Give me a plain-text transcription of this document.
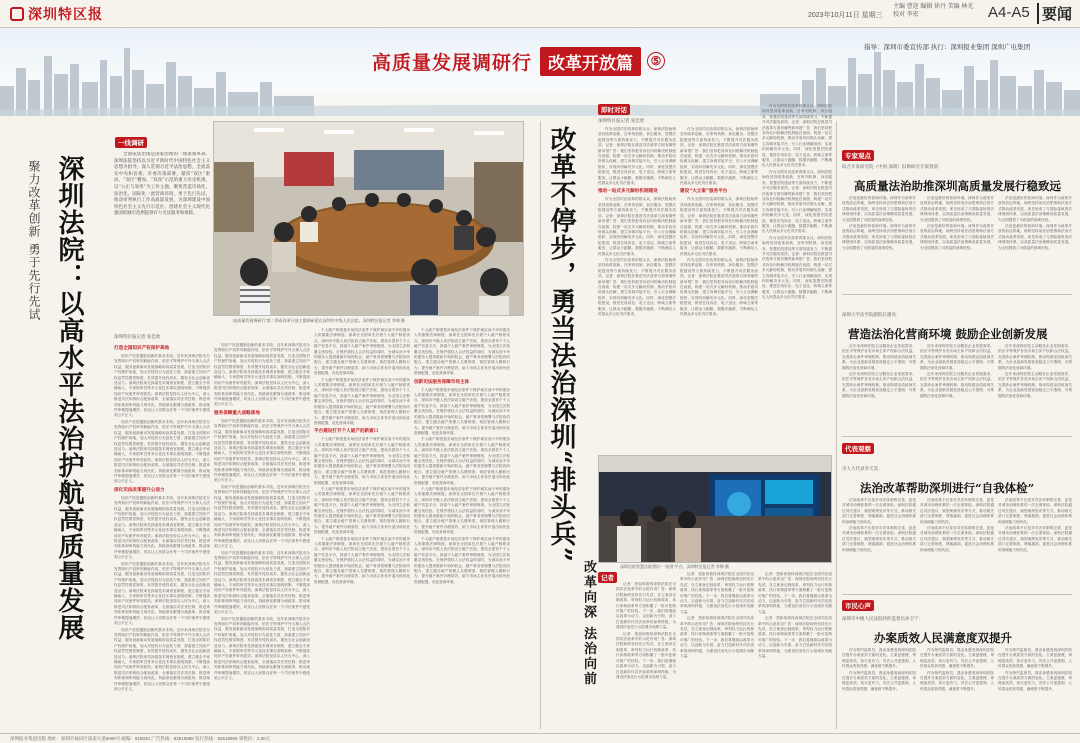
深圳特区报	2023年10月11日 星期三
主编 曹迎 编辑 徐丹 美编 林光 校对 李宏	A4-A5 要闻
高质量发展调研行 改革开放篇	⑤
指导：深圳市委宣传部 执行：深圳报业集团 深圳广电集团
一线调研
深圳法院：以高水平法治护航高质量发展
聚力改革创新 勇于先行先试

全面依法治国是国家治理的一场深刻革命。深圳法院坚持以习近平新时代中国特色社会主义思想为指导，深入贯彻习近平法治思想，全面落实中央和省委、市委决策部署，紧扣“双区”驱动、“双区”叠加、“双改”示范的重大历史机遇，以“公正与效率”为工作主题，聚焦营造市场化、法治化、国际化一流营商环境，勇于先行先试，推动审判执行工作高质量发展，为深圳建设中国特色社会主义先行示范区、创建社会主义现代化强国的城市范例提供有力司法服务和保障。

深圳特区报记者 张佳欣
打造全国知识产权保护高地

知识产权是激励创新的基本手段。近年来深圳法院充分发挥知识产权审判职能作用，依法平等保护中外当事人合法权益，服务创新驱动发展战略和高质量发展，打造全国知识产权保护高地，加大对侵权行为惩处力度，探索建立知识产权惩罚性赔偿制度，有效提升侵权成本，激发全社会创新创造活力。深圳法院率先探索技术调查官制度，建立健全专家辅助人、专家陪审员等多元化技术事实查明机制，不断提高知识产权案件审判质效。深圳法院坚持以人民为中心，深入推进司法体制综合配套改革，全面落实司法责任制，推进审判体系和审判能力现代化。持续深化繁简分流改革，推动案件审理提速增效，切实让人民群众在每一个司法案件中感受到公平正义。

知识产权是激励创新的基本手段。近年来深圳法院充分发挥知识产权审判职能作用，依法平等保护中外当事人合法权益，服务创新驱动发展战略和高质量发展，打造全国知识产权保护高地，加大对侵权行为惩处力度，探索建立知识产权惩罚性赔偿制度，有效提升侵权成本，激发全社会创新创造活力。深圳法院率先探索技术调查官制度，建立健全专家辅助人、专家陪审员等多元化技术事实查明机制，不断提高知识产权案件审判质效。深圳法院坚持以人民为中心，深入推进司法体制综合配套改革，全面落实司法责任制，推进审判体系和审判能力现代化。持续深化繁简分流改革，推动案件审理提速增效，切实让人民群众在每一个司法案件中感受到公平正义。

深化司法改革提升公信力

知识产权是激励创新的基本手段。近年来深圳法院充分发挥知识产权审判职能作用，依法平等保护中外当事人合法权益，服务创新驱动发展战略和高质量发展，打造全国知识产权保护高地，加大对侵权行为惩处力度，探索建立知识产权惩罚性赔偿制度，有效提升侵权成本，激发全社会创新创造活力。深圳法院率先探索技术调查官制度，建立健全专家辅助人、专家陪审员等多元化技术事实查明机制，不断提高知识产权案件审判质效。深圳法院坚持以人民为中心，深入推进司法体制综合配套改革，全面落实司法责任制，推进审判体系和审判能力现代化。持续深化繁简分流改革，推动案件审理提速增效，切实让人民群众在每一个司法案件中感受到公平正义。

知识产权是激励创新的基本手段。近年来深圳法院充分发挥知识产权审判职能作用，依法平等保护中外当事人合法权益，服务创新驱动发展战略和高质量发展，打造全国知识产权保护高地，加大对侵权行为惩处力度，探索建立知识产权惩罚性赔偿制度，有效提升侵权成本，激发全社会创新创造活力。深圳法院率先探索技术调查官制度，建立健全专家辅助人、专家陪审员等多元化技术事实查明机制，不断提高知识产权案件审判质效。深圳法院坚持以人民为中心，深入推进司法体制综合配套改革，全面落实司法责任制，推进审判体系和审判能力现代化。持续深化繁简分流改革，推动案件审理提速增效，切实让人民群众在每一个司法案件中感受到公平正义。

知识产权是激励创新的基本手段。近年来深圳法院充分发挥知识产权审判职能作用，依法平等保护中外当事人合法权益，服务创新驱动发展战略和高质量发展，打造全国知识产权保护高地，加大对侵权行为惩处力度，探索建立知识产权惩罚性赔偿制度，有效提升侵权成本，激发全社会创新创造活力。深圳法院率先探索技术调查官制度，建立健全专家辅助人、专家陪审员等多元化技术事实查明机制，不断提高知识产权案件审判质效。深圳法院坚持以人民为中心，深入推进司法体制综合配套改革，全面落实司法责任制，推进审判体系和审判能力现代化。持续深化繁简分流改革，推动案件审理提速增效，切实让人民群众在每一个司法案件中感受到公平正义。

知识产权是激励创新的基本手段。近年来深圳法院充分发挥知识产权审判职能作用，依法平等保护中外当事人合法权益，服务创新驱动发展战略和高质量发展，打造全国知识产权保护高地，加大对侵权行为惩处力度，探索建立知识产权惩罚性赔偿制度，有效提升侵权成本，激发全社会创新创造活力。深圳法院率先探索技术调查官制度，建立健全专家辅助人、专家陪审员等多元化技术事实查明机制，不断提高知识产权案件审判质效。深圳法院坚持以人民为中心，深入推进司法体制综合配套改革，全面落实司法责任制，推进审判体系和审判能力现代化。持续深化繁简分流改革，推动案件审理提速增效，切实让人民群众在每一个司法案件中感受到公平正义。

服务保障重大战略落地

知识产权是激励创新的基本手段。近年来深圳法院充分发挥知识产权审判职能作用，依法平等保护中外当事人合法权益，服务创新驱动发展战略和高质量发展，打造全国知识产权保护高地，加大对侵权行为惩处力度，探索建立知识产权惩罚性赔偿制度，有效提升侵权成本，激发全社会创新创造活力。深圳法院率先探索技术调查官制度，建立健全专家辅助人、专家陪审员等多元化技术事实查明机制，不断提高知识产权案件审判质效。深圳法院坚持以人民为中心，深入推进司法体制综合配套改革，全面落实司法责任制，推进审判体系和审判能力现代化。持续深化繁简分流改革，推动案件审理提速增效，切实让人民群众在每一个司法案件中感受到公平正义。

知识产权是激励创新的基本手段。近年来深圳法院充分发挥知识产权审判职能作用，依法平等保护中外当事人合法权益，服务创新驱动发展战略和高质量发展，打造全国知识产权保护高地，加大对侵权行为惩处力度，探索建立知识产权惩罚性赔偿制度，有效提升侵权成本，激发全社会创新创造活力。深圳法院率先探索技术调查官制度，建立健全专家辅助人、专家陪审员等多元化技术事实查明机制，不断提高知识产权案件审判质效。深圳法院坚持以人民为中心，深入推进司法体制综合配套改革，全面落实司法责任制，推进审判体系和审判能力现代化。持续深化繁简分流改革，推动案件审理提速增效，切实让人民群众在每一个司法案件中感受到公平正义。

知识产权是激励创新的基本手段。近年来深圳法院充分发挥知识产权审判职能作用，依法平等保护中外当事人合法权益，服务创新驱动发展战略和高质量发展，打造全国知识产权保护高地，加大对侵权行为惩处力度，探索建立知识产权惩罚性赔偿制度，有效提升侵权成本，激发全社会创新创造活力。深圳法院率先探索技术调查官制度，建立健全专家辅助人、专家陪审员等多元化技术事实查明机制，不断提高知识产权案件审判质效。深圳法院坚持以人民为中心，深入推进司法体制综合配套改革，全面落实司法责任制，推进审判体系和审判能力现代化。持续深化繁简分流改革，推动案件审理提速增效，切实让人民群众在每一个司法案件中感受到公平正义。

知识产权是激励创新的基本手段。近年来深圳法院充分发挥知识产权审判职能作用，依法平等保护中外当事人合法权益，服务创新驱动发展战略和高质量发展，打造全国知识产权保护高地，加大对侵权行为惩处力度，探索建立知识产权惩罚性赔偿制度，有效提升侵权成本，激发全社会创新创造活力。深圳法院率先探索技术调查官制度，建立健全专家辅助人、专家陪审员等多元化技术事实查明机制，不断提高知识产权案件审判质效。深圳法院坚持以人民为中心，深入推进司法体制综合配套改革，全面落实司法责任制，推进审判体系和审判能力现代化。持续深化繁简分流改革，推动案件审理提速增效，切实让人民群众在每一个司法案件中感受到公平正义。

“高质量发展调研行”第二季看改革开放主题调研团在深圳市中级人民法院。深圳特区报记者 李锦 摄

个人破产制度是市场经济条件下保护诚实而不幸的债务人的重要法律制度。深圳在全国率先开展个人破产制度试点，深圳市中级人民法院设立破产法庭，建设全国首个个人破产信息平台，探索个人破产案件审理规则，为全国立法积累宝贵经验。在保护债权人合法权益的同时，为诚实而不幸的债务人提供重新开始的机会，破产事务管理署与法院协同配合，建立健全破产管理人名册制度，规范管理人履职行为，提升破产案件办理质效，助力市场主体有序退出和优化资源配置，优化营商环境。

个人破产制度是市场经济条件下保护诚实而不幸的债务人的重要法律制度。深圳在全国率先开展个人破产制度试点，深圳市中级人民法院设立破产法庭，建设全国首个个人破产信息平台，探索个人破产案件审理规则，为全国立法积累宝贵经验。在保护债权人合法权益的同时，为诚实而不幸的债务人提供重新开始的机会，破产事务管理署与法院协同配合，建立健全破产管理人名册制度，规范管理人履职行为，提升破产案件办理质效，助力市场主体有序退出和优化资源配置，优化营商环境。

平台建设打开个人破产的新窗口

个人破产制度是市场经济条件下保护诚实而不幸的债务人的重要法律制度。深圳在全国率先开展个人破产制度试点，深圳市中级人民法院设立破产法庭，建设全国首个个人破产信息平台，探索个人破产案件审理规则，为全国立法积累宝贵经验。在保护债权人合法权益的同时，为诚实而不幸的债务人提供重新开始的机会，破产事务管理署与法院协同配合，建立健全破产管理人名册制度，规范管理人履职行为，提升破产案件办理质效，助力市场主体有序退出和优化资源配置，优化营商环境。

个人破产制度是市场经济条件下保护诚实而不幸的债务人的重要法律制度。深圳在全国率先开展个人破产制度试点，深圳市中级人民法院设立破产法庭，建设全国首个个人破产信息平台，探索个人破产案件审理规则，为全国立法积累宝贵经验。在保护债权人合法权益的同时，为诚实而不幸的债务人提供重新开始的机会，破产事务管理署与法院协同配合，建立健全破产管理人名册制度，规范管理人履职行为，提升破产案件办理质效，助力市场主体有序退出和优化资源配置，优化营商环境。

个人破产制度是市场经济条件下保护诚实而不幸的债务人的重要法律制度。深圳在全国率先开展个人破产制度试点，深圳市中级人民法院设立破产法庭，建设全国首个个人破产信息平台，探索个人破产案件审理规则，为全国立法积累宝贵经验。在保护债权人合法权益的同时，为诚实而不幸的债务人提供重新开始的机会，破产事务管理署与法院协同配合，建立健全破产管理人名册制度，规范管理人履职行为，提升破产案件办理质效，助力市场主体有序退出和优化资源配置，优化营商环境。

个人破产制度是市场经济条件下保护诚实而不幸的债务人的重要法律制度。深圳在全国率先开展个人破产制度试点，深圳市中级人民法院设立破产法庭，建设全国首个个人破产信息平台，探索个人破产案件审理规则，为全国立法积累宝贵经验。在保护债权人合法权益的同时，为诚实而不幸的债务人提供重新开始的机会，破产事务管理署与法院协同配合，建立健全破产管理人名册制度，规范管理人履职行为，提升破产案件办理质效，助力市场主体有序退出和优化资源配置，优化营商环境。

创新司法服务保障市场主体

个人破产制度是市场经济条件下保护诚实而不幸的债务人的重要法律制度。深圳在全国率先开展个人破产制度试点，深圳市中级人民法院设立破产法庭，建设全国首个个人破产信息平台，探索个人破产案件审理规则，为全国立法积累宝贵经验。在保护债权人合法权益的同时，为诚实而不幸的债务人提供重新开始的机会，破产事务管理署与法院协同配合，建立健全破产管理人名册制度，规范管理人履职行为，提升破产案件办理质效，助力市场主体有序退出和优化资源配置，优化营商环境。

个人破产制度是市场经济条件下保护诚实而不幸的债务人的重要法律制度。深圳在全国率先开展个人破产制度试点，深圳市中级人民法院设立破产法庭，建设全国首个个人破产信息平台，探索个人破产案件审理规则，为全国立法积累宝贵经验。在保护债权人合法权益的同时，为诚实而不幸的债务人提供重新开始的机会，破产事务管理署与法院协同配合，建立健全破产管理人名册制度，规范管理人履职行为，提升破产案件办理质效，助力市场主体有序退出和优化资源配置，优化营商环境。

个人破产制度是市场经济条件下保护诚实而不幸的债务人的重要法律制度。深圳在全国率先开展个人破产制度试点，深圳市中级人民法院设立破产法庭，建设全国首个个人破产信息平台，探索个人破产案件审理规则，为全国立法积累宝贵经验。在保护债权人合法权益的同时，为诚实而不幸的债务人提供重新开始的机会，破产事务管理署与法院协同配合，建立健全破产管理人名册制度，规范管理人履职行为，提升破产案件办理质效，助力市场主体有序退出和优化资源配置，优化营商环境。

个人破产制度是市场经济条件下保护诚实而不幸的债务人的重要法律制度。深圳在全国率先开展个人破产制度试点，深圳市中级人民法院设立破产法庭，建设全国首个个人破产信息平台，探索个人破产案件审理规则，为全国立法积累宝贵经验。在保护债权人合法权益的同时，为诚实而不幸的债务人提供重新开始的机会，破产事务管理署与法院协同配合，建立健全破产管理人名册制度，规范管理人履职行为，提升破产案件办理质效，助力市场主体有序退出和优化资源配置，优化营商环境。

改革不停步，勇当法治深圳“排头兵”
即时对话
深圳特区报记者 张佳欣

作为全国司法改革的排头兵，深圳法院始终坚持改革创新，在审判机制、诉讼服务、智慧法院建设等方面持续发力，不断提升司法服务质效。记者：深圳法院在推进司法改革方面有哪些新举措？答：我们坚持把非诉讼纠纷解决机制挺在前面，构建一站式多元解纷机制，推动矛盾纠纷源头化解，建立诉调对接平台，引入行业调解组织，实现纠纷解决多元化。同时，深化智慧法院建设，推进在线诉讼、电子送达、跨域立案等服务，让群众少跑腿、数据多跑路，不断满足人民群众多元化司法需求。

推动一站式多元解纷机制建设

作为全国司法改革的排头兵，深圳法院始终坚持改革创新，在审判机制、诉讼服务、智慧法院建设等方面持续发力，不断提升司法服务质效。记者：深圳法院在推进司法改革方面有哪些新举措？答：我们坚持把非诉讼纠纷解决机制挺在前面，构建一站式多元解纷机制，推动矛盾纠纷源头化解，建立诉调对接平台，引入行业调解组织，实现纠纷解决多元化。同时，深化智慧法院建设，推进在线诉讼、电子送达、跨域立案等服务，让群众少跑腿、数据多跑路，不断满足人民群众多元化司法需求。

作为全国司法改革的排头兵，深圳法院始终坚持改革创新，在审判机制、诉讼服务、智慧法院建设等方面持续发力，不断提升司法服务质效。记者：深圳法院在推进司法改革方面有哪些新举措？答：我们坚持把非诉讼纠纷解决机制挺在前面，构建一站式多元解纷机制，推动矛盾纠纷源头化解，建立诉调对接平台，引入行业调解组织，实现纠纷解决多元化。同时，深化智慧法院建设，推进在线诉讼、电子送达、跨域立案等服务，让群众少跑腿、数据多跑路，不断满足人民群众多元化司法需求。

作为全国司法改革的排头兵，深圳法院始终坚持改革创新，在审判机制、诉讼服务、智慧法院建设等方面持续发力，不断提升司法服务质效。记者：深圳法院在推进司法改革方面有哪些新举措？答：我们坚持把非诉讼纠纷解决机制挺在前面，构建一站式多元解纷机制，推动矛盾纠纷源头化解，建立诉调对接平台，引入行业调解组织，实现纠纷解决多元化。同时，深化智慧法院建设，推进在线诉讼、电子送达、跨域立案等服务，让群众少跑腿、数据多跑路，不断满足人民群众多元化司法需求。

建设“大立案”服务平台

作为全国司法改革的排头兵，深圳法院始终坚持改革创新，在审判机制、诉讼服务、智慧法院建设等方面持续发力，不断提升司法服务质效。记者：深圳法院在推进司法改革方面有哪些新举措？答：我们坚持把非诉讼纠纷解决机制挺在前面，构建一站式多元解纷机制，推动矛盾纠纷源头化解，建立诉调对接平台，引入行业调解组织，实现纠纷解决多元化。同时，深化智慧法院建设，推进在线诉讼、电子送达、跨域立案等服务，让群众少跑腿、数据多跑路，不断满足人民群众多元化司法需求。

作为全国司法改革的排头兵，深圳法院始终坚持改革创新，在审判机制、诉讼服务、智慧法院建设等方面持续发力，不断提升司法服务质效。记者：深圳法院在推进司法改革方面有哪些新举措？答：我们坚持把非诉讼纠纷解决机制挺在前面，构建一站式多元解纷机制，推动矛盾纠纷源头化解，建立诉调对接平台，引入行业调解组织，实现纠纷解决多元化。同时，深化智慧法院建设，推进在线诉讼、电子送达、跨域立案等服务，让群众少跑腿、数据多跑路，不断满足人民群众多元化司法需求。

作为全国司法改革的排头兵，深圳法院始终坚持改革创新，在审判机制、诉讼服务、智慧法院建设等方面持续发力，不断提升司法服务质效。记者：深圳法院在推进司法改革方面有哪些新举措？答：我们坚持把非诉讼纠纷解决机制挺在前面，构建一站式多元解纷机制，推动矛盾纠纷源头化解，建立诉调对接平台，引入行业调解组织，实现纠纷解决多元化。同时，深化智慧法院建设，推进在线诉讼、电子送达、跨域立案等服务，让群众少跑腿、数据多跑路，不断满足人民群众多元化司法需求。

作为全国司法改革的排头兵，深圳法院始终坚持改革创新，在审判机制、诉讼服务、智慧法院建设等方面持续发力，不断提升司法服务质效。记者：深圳法院在推进司法改革方面有哪些新举措？答：我们坚持把非诉讼纠纷解决机制挺在前面，构建一站式多元解纷机制，推动矛盾纠纷源头化解，建立诉调对接平台，引入行业调解组织，实现纠纷解决多元化。同时，深化智慧法院建设，推进在线诉讼、电子送达、跨域立案等服务，让群众少跑腿、数据多跑路，不断满足人民群众多元化司法需求。

作为全国司法改革的排头兵，深圳法院始终坚持改革创新，在审判机制、诉讼服务、智慧法院建设等方面持续发力，不断提升司法服务质效。记者：深圳法院在推进司法改革方面有哪些新举措？答：我们坚持把非诉讼纠纷解决机制挺在前面，构建一站式多元解纷机制，推动矛盾纠纷源头化解，建立诉调对接平台，引入行业调解组织，实现纠纷解决多元化。同时，深化智慧法院建设，推进在线诉讼、电子送达、跨域立案等服务，让群众少跑腿、数据多跑路，不断满足人民群众多元化司法需求。

深圳法院智慧法院建设“一张图”平台。深圳特区报记者 李锦 摄
记者
改革向深 法治向前	记者：您如何看待深圳法院在全国司法改革中的示范作用？答：深圳法院始终坚持先行先试，在立案登记制改革、审判权力运行机制改革、执行体制改革等方面积累了一批可复制可推广的经验。下一步，我们将继续以改革为动力，以创新为引领，奋力打造新时代司法改革的深圳样板，为建设法治先行示范城市贡献力量。

记者：您如何看待深圳法院在全国司法改革中的示范作用？答：深圳法院始终坚持先行先试，在立案登记制改革、审判权力运行机制改革、执行体制改革等方面积累了一批可复制可推广的经验。下一步，我们将继续以改革为动力，以创新为引领，奋力打造新时代司法改革的深圳样板，为建设法治先行示范城市贡献力量。

记者：您如何看待深圳法院在全国司法改革中的示范作用？答：深圳法院始终坚持先行先试，在立案登记制改革、审判权力运行机制改革、执行体制改革等方面积累了一批可复制可推广的经验。下一步，我们将继续以改革为动力，以创新为引领，奋力打造新时代司法改革的深圳样板，为建设法治先行示范城市贡献力量。

记者：您如何看待深圳法院在全国司法改革中的示范作用？答：深圳法院始终坚持先行先试，在立案登记制改革、审判权力运行机制改革、执行体制改革等方面积累了一批可复制可推广的经验。下一步，我们将继续以改革为动力，以创新为引领，奋力打造新时代司法改革的深圳样板，为建设法治先行示范城市贡献力量。

记者：您如何看待深圳法院在全国司法改革中的示范作用？答：深圳法院始终坚持先行先试，在立案登记制改革、审判权力运行机制改革、执行体制改革等方面积累了一批可复制可推广的经验。下一步，我们将继续以改革为动力，以创新为引领，奋力打造新时代司法改革的深圳样板，为建设法治先行示范城市贡献力量。

记者：您如何看待深圳法院在全国司法改革中的示范作用？答：深圳法院始终坚持先行先试，在立案登记制改革、审判权力运行机制改革、执行体制改革等方面积累了一批可复制可推广的经验。下一步，我们将继续以改革为动力，以创新为引领，奋力打造新时代司法改革的深圳样板，为建设法治先行示范城市贡献力量。

专家观点
综合开发研究院（中国·深圳）旧称研究专家曾晨：
高质量法治助推深圳高质量发展行稳致远

法治是最好的营商环境。深圳作为改革开放的前沿阵地，始终坚持用法治思维和法治方式推动改革发展，率先形成了与国际接轨的法律规则体系，以高质量法治保障高质量发展，为全国提供了可借鉴的深圳经验。

法治是最好的营商环境。深圳作为改革开放的前沿阵地，始终坚持用法治思维和法治方式推动改革发展，率先形成了与国际接轨的法律规则体系，以高质量法治保障高质量发展，为全国提供了可借鉴的深圳经验。

法治是最好的营商环境。深圳作为改革开放的前沿阵地，始终坚持用法治思维和法治方式推动改革发展，率先形成了与国际接轨的法律规则体系，以高质量法治保障高质量发展，为全国提供了可借鉴的深圳经验。

法治是最好的营商环境。深圳作为改革开放的前沿阵地，始终坚持用法治思维和法治方式推动改革发展，率先形成了与国际接轨的法律规则体系，以高质量法治保障高质量发展，为全国提供了可借鉴的深圳经验。

法治是最好的营商环境。深圳作为改革开放的前沿阵地，始终坚持用法治思维和法治方式推动改革发展，率先形成了与国际接轨的法律规则体系，以高质量法治保障高质量发展，为全国提供了可借鉴的深圳经验。

法治是最好的营商环境。深圳作为改革开放的前沿阵地，始终坚持用法治思维和法治方式推动改革发展，率先形成了与国际接轨的法律规则体系，以高质量法治保障高质量发展，为全国提供了可借鉴的深圳经验。

深圳大学法学院副院长谢亮：
营造法治化营商环境 鼓励企业创新发展

近年来深圳法院主动服务企业发展需求，依法平等保护各类市场主体产权和合法权益，完善涉企案件审理机制，推动构建亲清政商关系，为企业创新发展营造稳定公平透明、可预期的法治化营商环境。

近年来深圳法院主动服务企业发展需求，依法平等保护各类市场主体产权和合法权益，完善涉企案件审理机制，推动构建亲清政商关系，为企业创新发展营造稳定公平透明、可预期的法治化营商环境。

近年来深圳法院主动服务企业发展需求，依法平等保护各类市场主体产权和合法权益，完善涉企案件审理机制，推动构建亲清政商关系，为企业创新发展营造稳定公平透明、可预期的法治化营商环境。

近年来深圳法院主动服务企业发展需求，依法平等保护各类市场主体产权和合法权益，完善涉企案件审理机制，推动构建亲清政商关系，为企业创新发展营造稳定公平透明、可预期的法治化营商环境。

近年来深圳法院主动服务企业发展需求，依法平等保护各类市场主体产权和合法权益，完善涉企案件审理机制，推动构建亲清政商关系，为企业创新发展营造稳定公平透明、可预期的法治化营商环境。

近年来深圳法院主动服务企业发展需求，依法平等保护各类市场主体产权和合法权益，完善涉企案件审理机制，推动构建亲清政商关系，为企业创新发展营造稳定公平透明、可预期的法治化营商环境。

代表观察
市人大代表李天昊：
法治改革帮助深圳进行“自我体检”

法治改革不仅是对司法体制的完善，更是对城市治理体系的一次全面体检。深圳法院通过司法建议、典型案例发布等方式，推动相关部门完善制度、堵塞漏洞，促进社会治理体系和治理能力现代化。

法治改革不仅是对司法体制的完善，更是对城市治理体系的一次全面体检。深圳法院通过司法建议、典型案例发布等方式，推动相关部门完善制度、堵塞漏洞，促进社会治理体系和治理能力现代化。

法治改革不仅是对司法体制的完善，更是对城市治理体系的一次全面体检。深圳法院通过司法建议、典型案例发布等方式，推动相关部门完善制度、堵塞漏洞，促进社会治理体系和治理能力现代化。

法治改革不仅是对司法体制的完善，更是对城市治理体系的一次全面体检。深圳法院通过司法建议、典型案例发布等方式，推动相关部门完善制度、堵塞漏洞，促进社会治理体系和治理能力现代化。

法治改革不仅是对司法体制的完善，更是对城市治理体系的一次全面体检。深圳法院通过司法建议、典型案例发布等方式，推动相关部门完善制度、堵塞漏洞，促进社会治理体系和治理能力现代化。

法治改革不仅是对司法体制的完善，更是对城市治理体系的一次全面体检。深圳法院通过司法建议、典型案例发布等方式，推动相关部门完善制度、堵塞漏洞，促进社会治理体系和治理能力现代化。

市民心声
深圳市中级人民法院特约监督员孙卫宁：
办案质效人民满意度双提升

作为特约监督员，我亲身感受到深圳法院在提升办案质效方面的变化。立案更便捷，审理更高效，执行更有力，司法公开更透明，人民群众的获得感、满意度不断提升。

作为特约监督员，我亲身感受到深圳法院在提升办案质效方面的变化。立案更便捷，审理更高效，执行更有力，司法公开更透明，人民群众的获得感、满意度不断提升。

作为特约监督员，我亲身感受到深圳法院在提升办案质效方面的变化。立案更便捷，审理更高效，执行更有力，司法公开更透明，人民群众的获得感、满意度不断提升。

作为特约监督员，我亲身感受到深圳法院在提升办案质效方面的变化。立案更便捷，审理更高效，执行更有力，司法公开更透明，人民群众的获得感、满意度不断提升。

作为特约监督员，我亲身感受到深圳法院在提升办案质效方面的变化。立案更便捷，审理更高效，执行更有力，司法公开更透明，人民群众的获得感、满意度不断提升。

作为特约监督员，我亲身感受到深圳法院在提升办案质效方面的变化。立案更便捷，审理更高效，执行更有力，司法公开更透明，人民群众的获得感、满意度不断提升。

深圳报业集团出版 地址：深圳市福田区深南大道6008号 邮编：518034 广告热线：83518888 发行热线：83518866 零售价：2.00元
